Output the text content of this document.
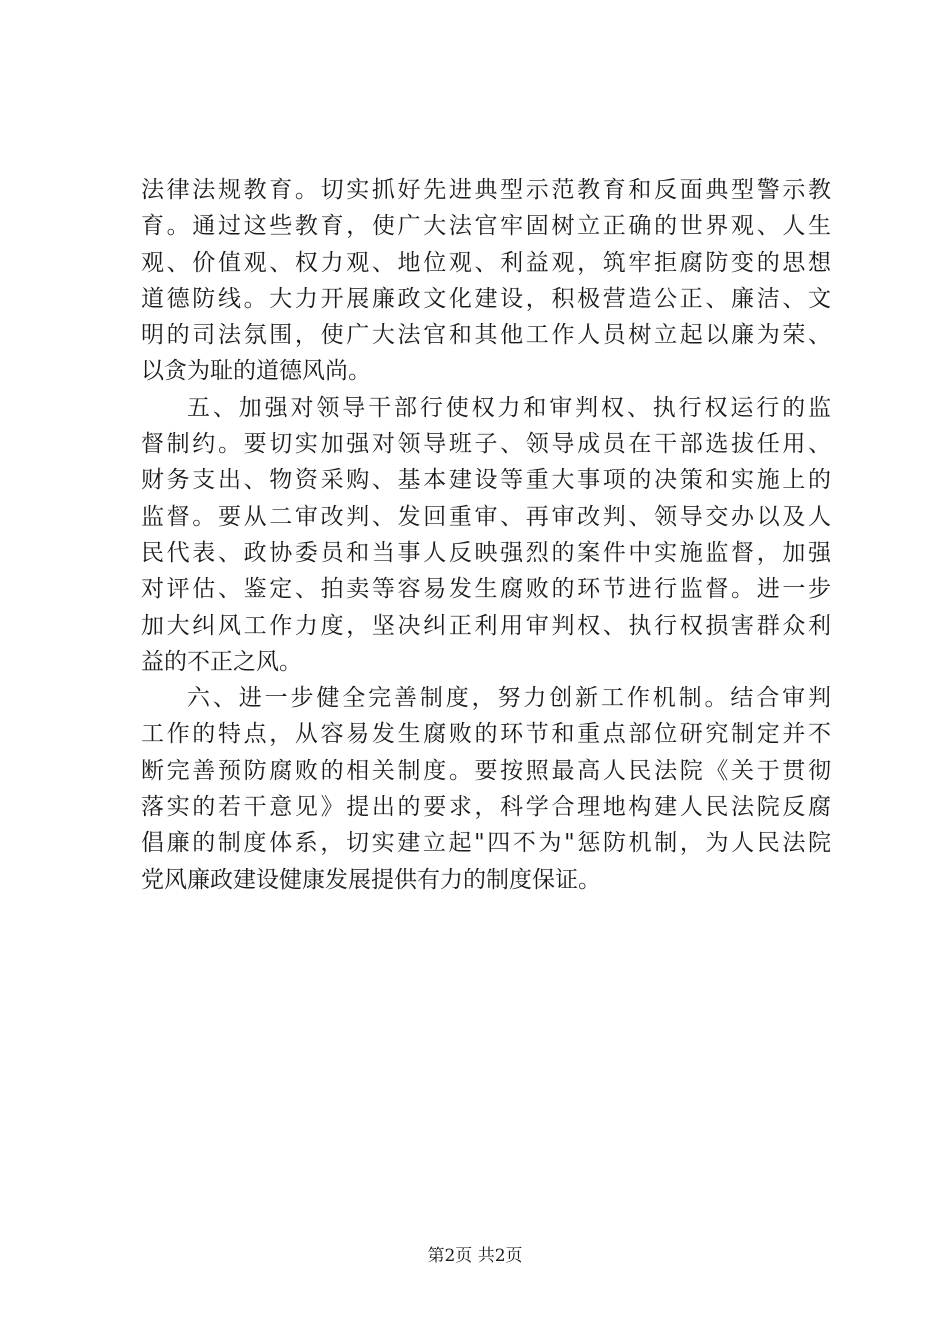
法律法规教育。切实抓好先进典型示范教育和反面典型警示教
育。通过这些教育，使广大法官牢固树立正确的世界观、人生
观、价值观、权力观、地位观、利益观，筑牢拒腐防变的思想
道德防线。大力开展廉政文化建设，积极营造公正、廉洁、文
明的司法氛围，使广大法官和其他工作人员树立起以廉为荣、
以贪为耻的道德风尚。
五、加强对领导干部行使权力和审判权、执行权运行的监
督制约。要切实加强对领导班子、领导成员在干部选拔任用、
财务支出、物资采购、基本建设等重大事项的决策和实施上的
监督。要从二审改判、发回重审、再审改判、领导交办以及人
民代表、政协委员和当事人反映强烈的案件中实施监督，加强
对评估、鉴定、拍卖等容易发生腐败的环节进行监督。进一步
加大纠风工作力度，坚决纠正利用审判权、执行权损害群众利
益的不正之风。
六、进一步健全完善制度，努力创新工作机制。结合审判
工作的特点，从容易发生腐败的环节和重点部位研究制定并不
断完善预防腐败的相关制度。要按照最高人民法院《关于贯彻
落实的若干意见》提出的要求，科学合理地构建人民法院反腐
倡廉的制度体系，切实建立起"四不为"惩防机制，为人民法院
党风廉政建设健康发展提供有力的制度保证。
第2页 共2页
